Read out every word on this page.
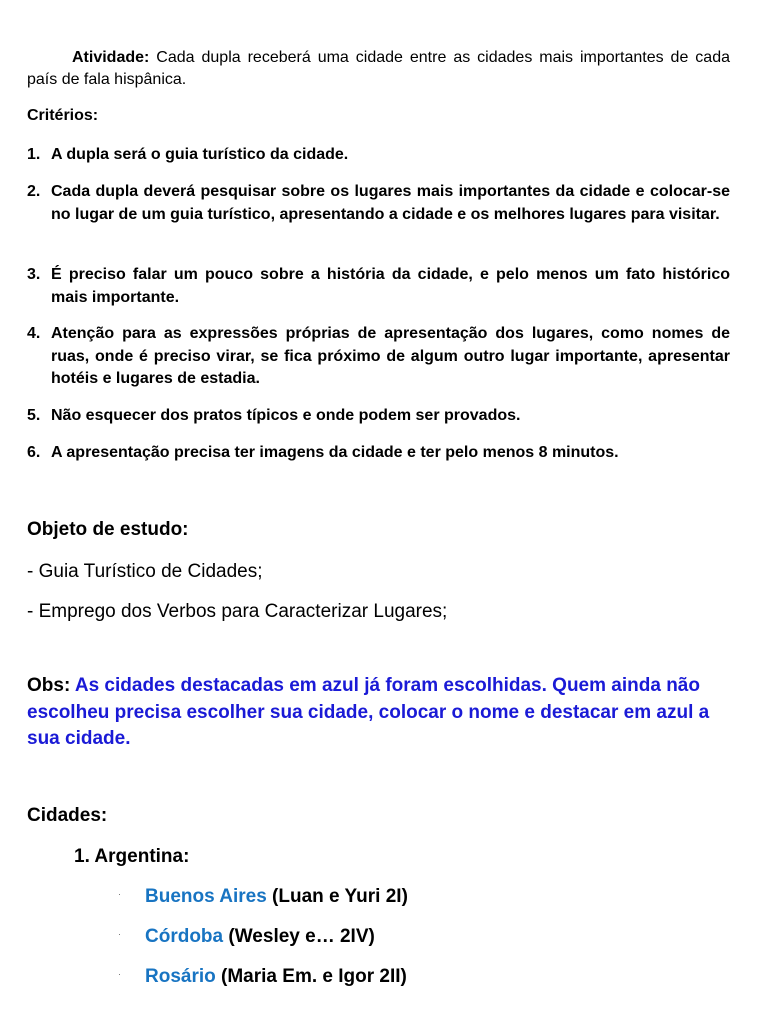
Atividade: Cada dupla receberá uma cidade entre as cidades mais importantes de cada país de fala hispânica.
Critérios:
1. A dupla será o guia turístico da cidade.
2. Cada dupla deverá pesquisar sobre os lugares mais importantes da cidade e colocar-se no lugar de um guia turístico, apresentando a cidade e os melhores lugares para visitar.
3. É preciso falar um pouco sobre a história da cidade, e pelo menos um fato histórico mais importante.
4. Atenção para as expressões próprias de apresentação dos lugares, como nomes de ruas, onde é preciso virar, se fica próximo de algum outro lugar importante, apresentar hotéis e lugares de estadia.
5. Não esquecer dos pratos típicos e onde podem ser provados.
6. A apresentação precisa ter imagens da cidade e ter pelo menos 8 minutos.
Objeto de estudo:
- Guia Turístico de Cidades;
- Emprego dos Verbos para Caracterizar Lugares;
Obs: As cidades destacadas em azul já foram escolhidas. Quem ainda não escolheu precisa escolher sua cidade, colocar o nome e destacar em azul a sua cidade.
Cidades:
1. Argentina:
· Buenos Aires (Luan e Yuri 2I)
· Córdoba (Wesley e… 2IV)
· Rosário (Maria Em. e Igor 2II)
